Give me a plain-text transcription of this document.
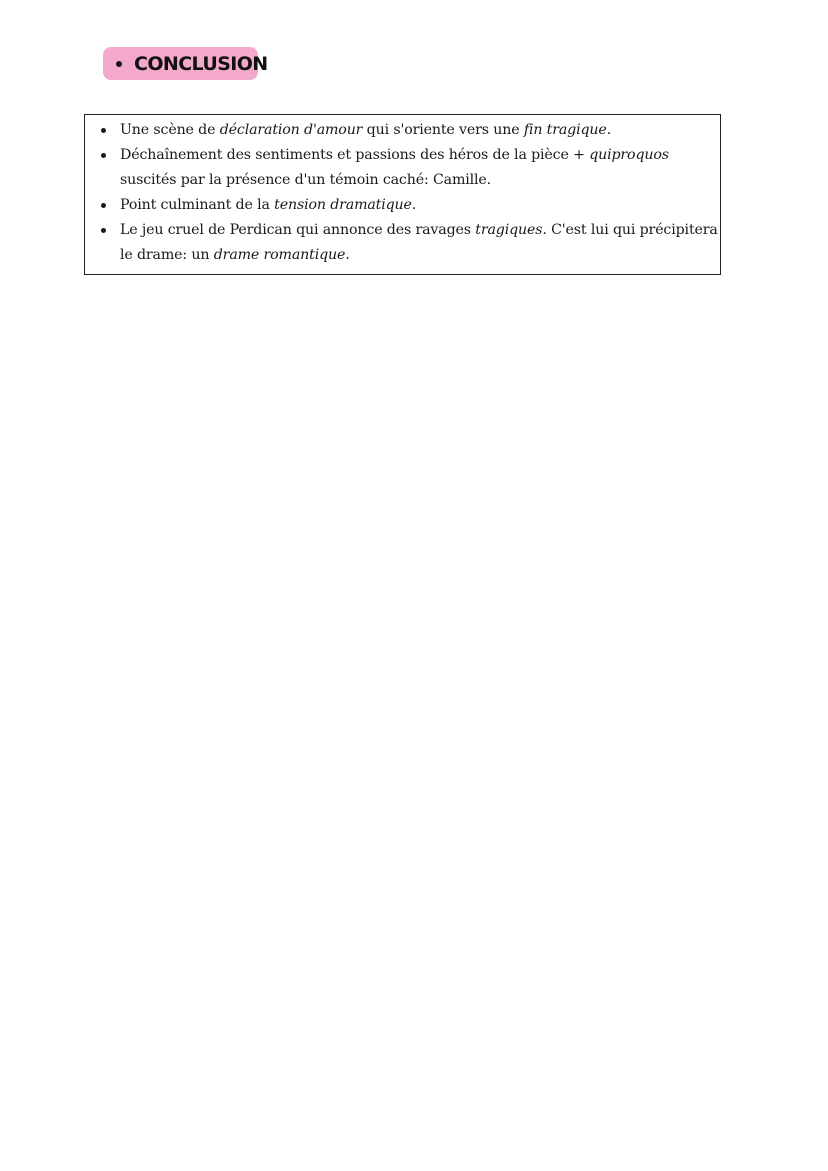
CONCLUSION
Une scène de déclaration d'amour qui s'oriente vers une fin tragique.
Déchaînement des sentiments et passions des héros de la pièce + quiproquos suscités par la présence d'un témoin caché: Camille.
Point culminant de la tension dramatique.
Le jeu cruel de Perdican qui annonce des ravages tragiques. C'est lui qui précipitera le drame: un drame romantique.
